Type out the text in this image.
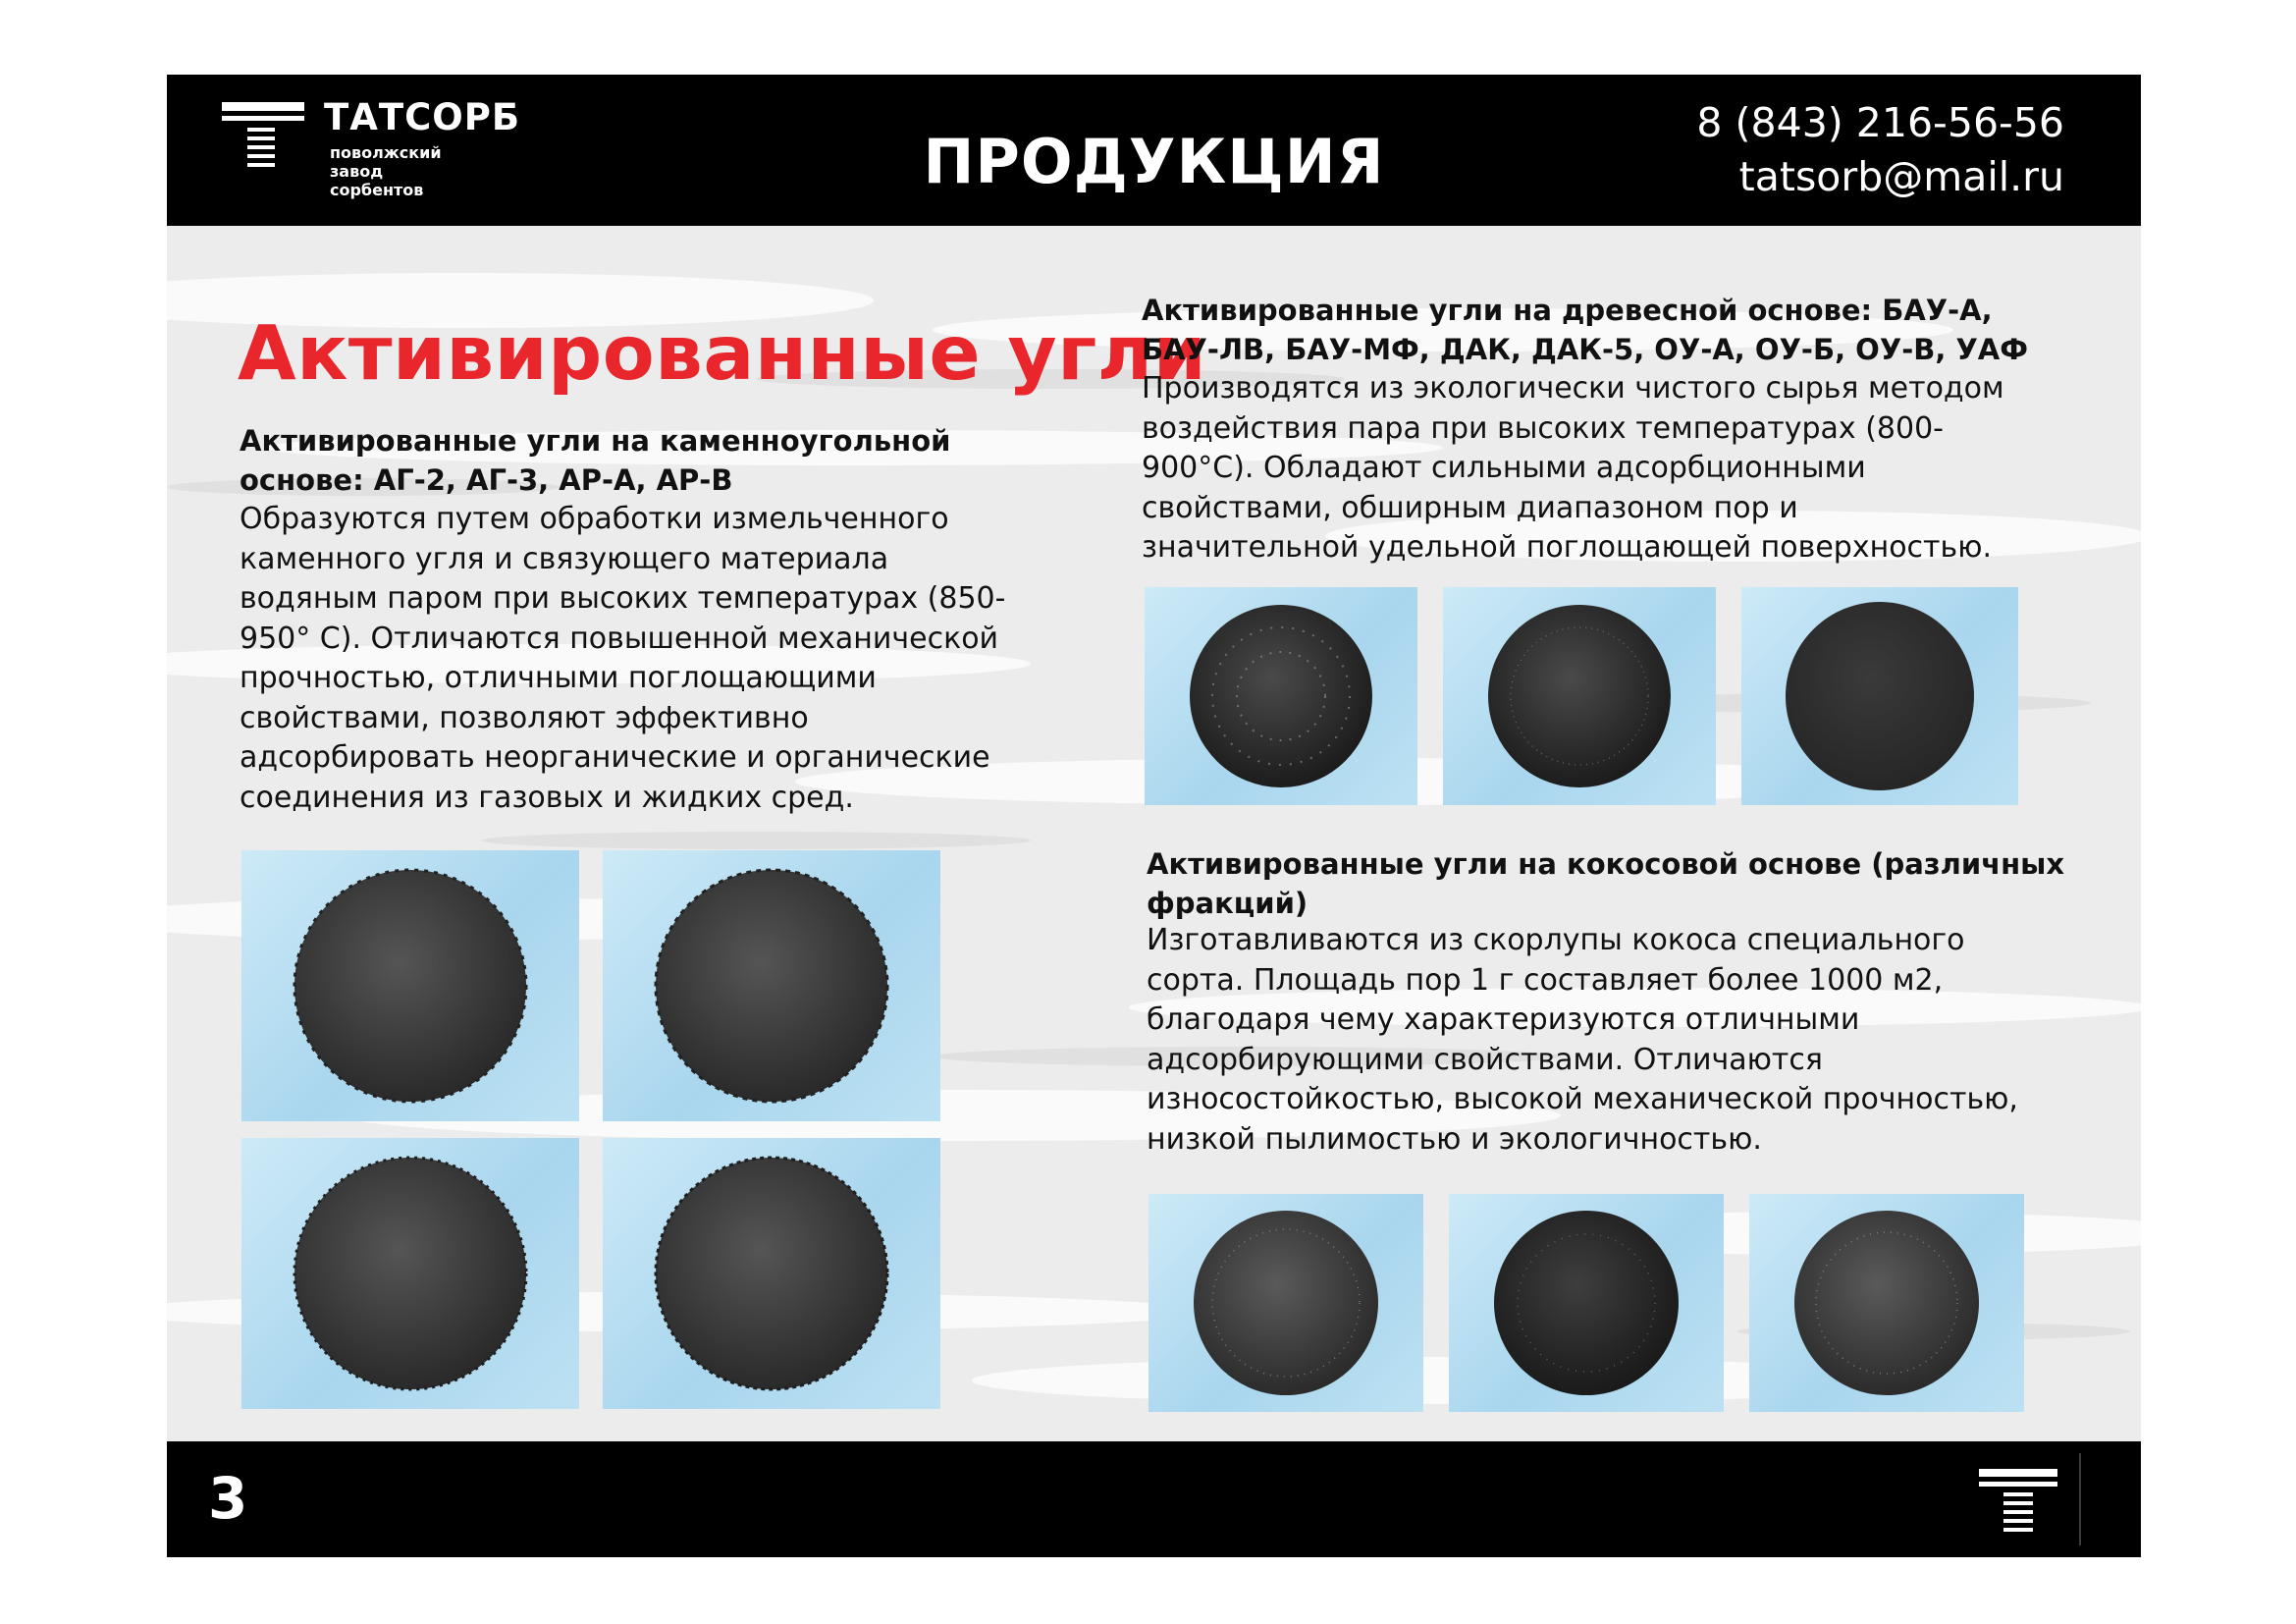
ТАТСОРБ
поволжский
завод
сорбентов	ПРОДУКЦИЯ
8 (843) 216-56-56
tatsorb@mail.ru
Активированные угли
Активированные угли на каменноугольной
основе: АГ-2, АГ-3, АР-А, АР-В
Образуются путем обработки измельченного
каменного угля и связующего материала
водяным паром при высоких температурах (850-
950° С). Отличаются повышенной механической
прочностью, отличными поглощающими
свойствами, позволяют эффективно
адсорбировать неорганические и органические
соединения из газовых и жидких сред.
Активированные угли на древесной основе: БАУ-А,
БАУ-ЛВ, БАУ-МФ, ДАК, ДАК-5, ОУ-А, ОУ-Б, ОУ-В, УАФ
Производятся из экологически чистого сырья методом
воздействия пара при высоких температурах (800-
900°С). Обладают сильными адсорбционными
свойствами, обширным диапазоном пор и
значительной удельной поглощающей поверхностью.
Активированные угли на кокосовой основе (различных
фракций)
Изготавливаются из скорлупы кокоса специального
сорта. Площадь пор 1 г составляет более 1000 м2,
благодаря чему характеризуются отличными
адсорбирующими свойствами. Отличаются
износостойкостью, высокой механической прочностью,
низкой пылимостью и экологичностью.
3
